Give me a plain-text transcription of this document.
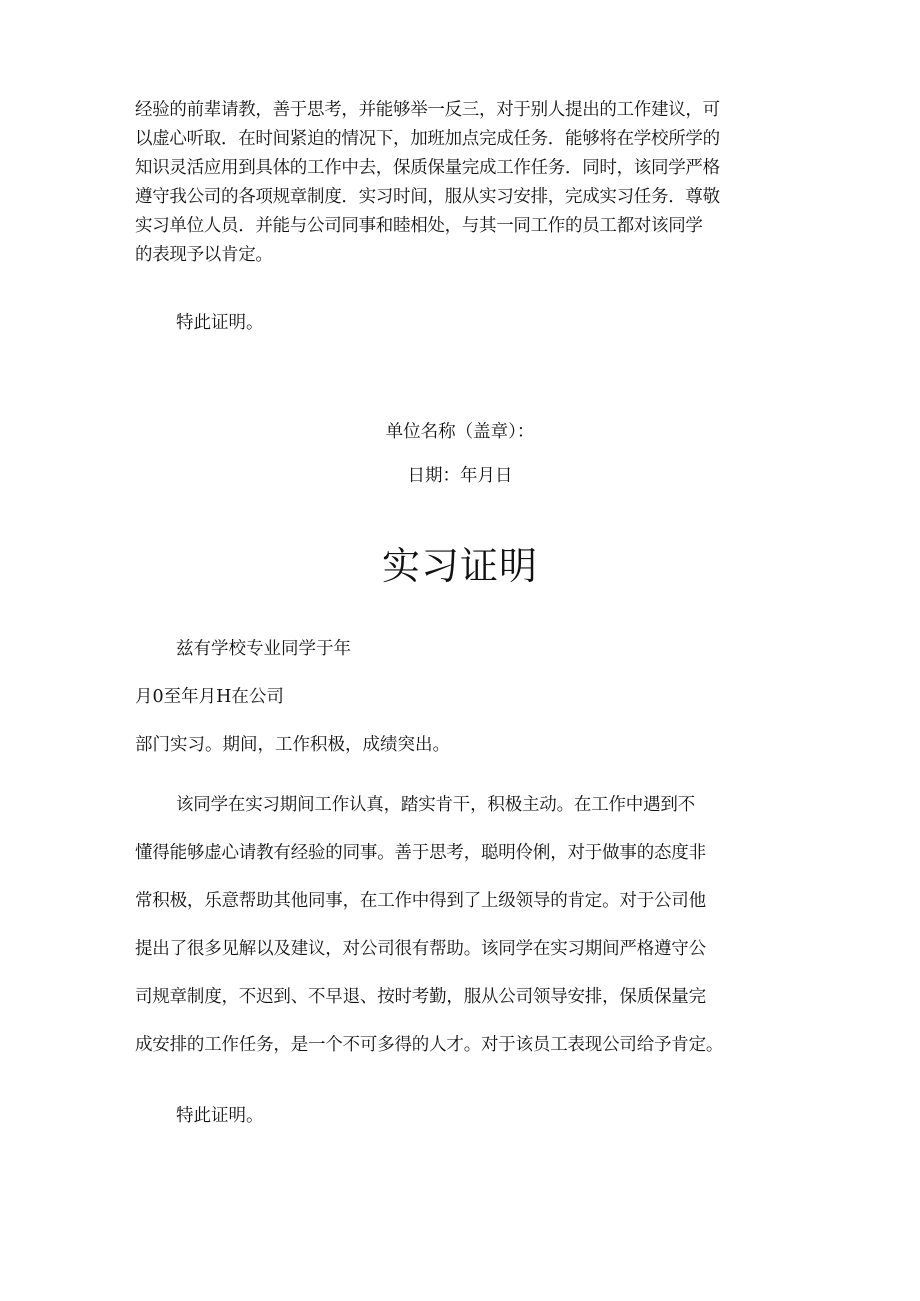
经验的前辈请教，善于思考，并能够举一反三，对于别人提出的工作建议，可
以虚心听取．在时间紧迫的情况下，加班加点完成任务．能够将在学校所学的
知识灵活应用到具体的工作中去，保质保量完成工作任务．同时，该同学严格
遵守我公司的各项规章制度．实习时间，服从实习安排，完成实习任务．尊敬
实习单位人员．并能与公司同事和睦相处，与其一同工作的员工都对该同学
的表现予以肯定。

特此证明。

单位名称（盖章）：

日期：年月日

实习证明

兹有学校专业同学于年

月0至年月H在公司

部门实习。期间，工作积极，成绩突出。

该同学在实习期间工作认真，踏实肯干，积极主动。在工作中遇到不
懂得能够虚心请教有经验的同事。善于思考，聪明伶俐，对于做事的态度非
常积极，乐意帮助其他同事，在工作中得到了上级领导的肯定。对于公司他
提出了很多见解以及建议，对公司很有帮助。该同学在实习期间严格遵守公
司规章制度，不迟到、不早退、按时考勤，服从公司领导安排，保质保量完
成安排的工作任务，是一个不可多得的人才。对于该员工表现公司给予肯定。

特此证明。
